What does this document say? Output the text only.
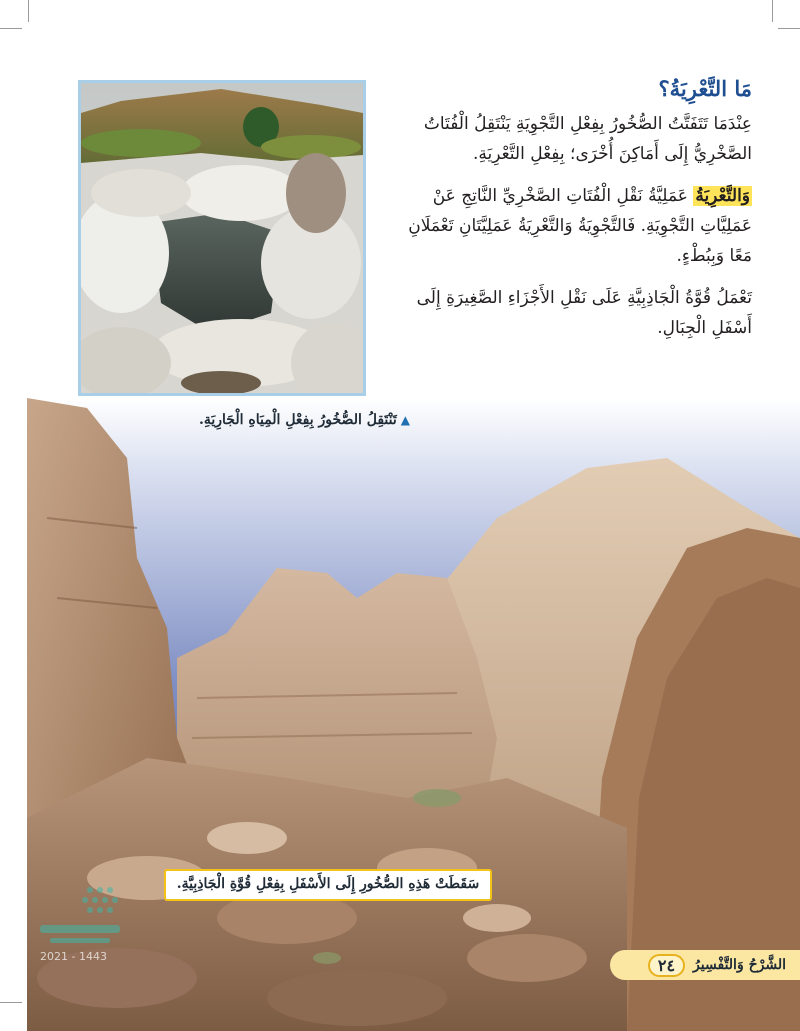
مَا التَّعْرِيَةُ؟

عِنْدَمَا تَتَفَتَّتُ الصُّخُورُ بِفِعْلِ التَّجْوِيَةِ يَنْتَقِلُ الْفُتَاتُ الصَّخْرِيُّ إِلَى أَمَاكِنَ أُخْرَى؛ بِفِعْلِ التَّعْرِيَةِ.

وَالتَّعْرِيَةُ عَمَلِيَّةُ نَقْلِ الْفُتَاتِ الصَّخْرِيِّ النَّاتِجِ عَنْ عَمَلِيَّاتِ التَّجْوِيَةِ. فَالتَّجْوِيَةُ وَالتَّعْرِيَةُ عَمَلِيَّتَانِ تَعْمَلَانِ مَعًا وَبِبُطْءٍ.

تَعْمَلُ قُوَّةُ الْجَاذِبِيَّةِ عَلَى نَقْلِ الأَجْزَاءِ الصَّغِيرَةِ إِلَى أَسْفَلِ الْجِبَالِ.

▲تَنْتَقِلُ الصُّخُورُ بِفِعْلِ الْمِيَاهِ الْجَارِيَةِ.
سَقَطَتْ هَذِهِ الصُّخُورِ إِلَى الأَسْفَلِ بِفِعْلِ قُوَّةِ الْجَاذِبِيَّةِ.
2021 - 1443
الشَّرْحُ وَالتَّفْسِيرُ
٢٤
